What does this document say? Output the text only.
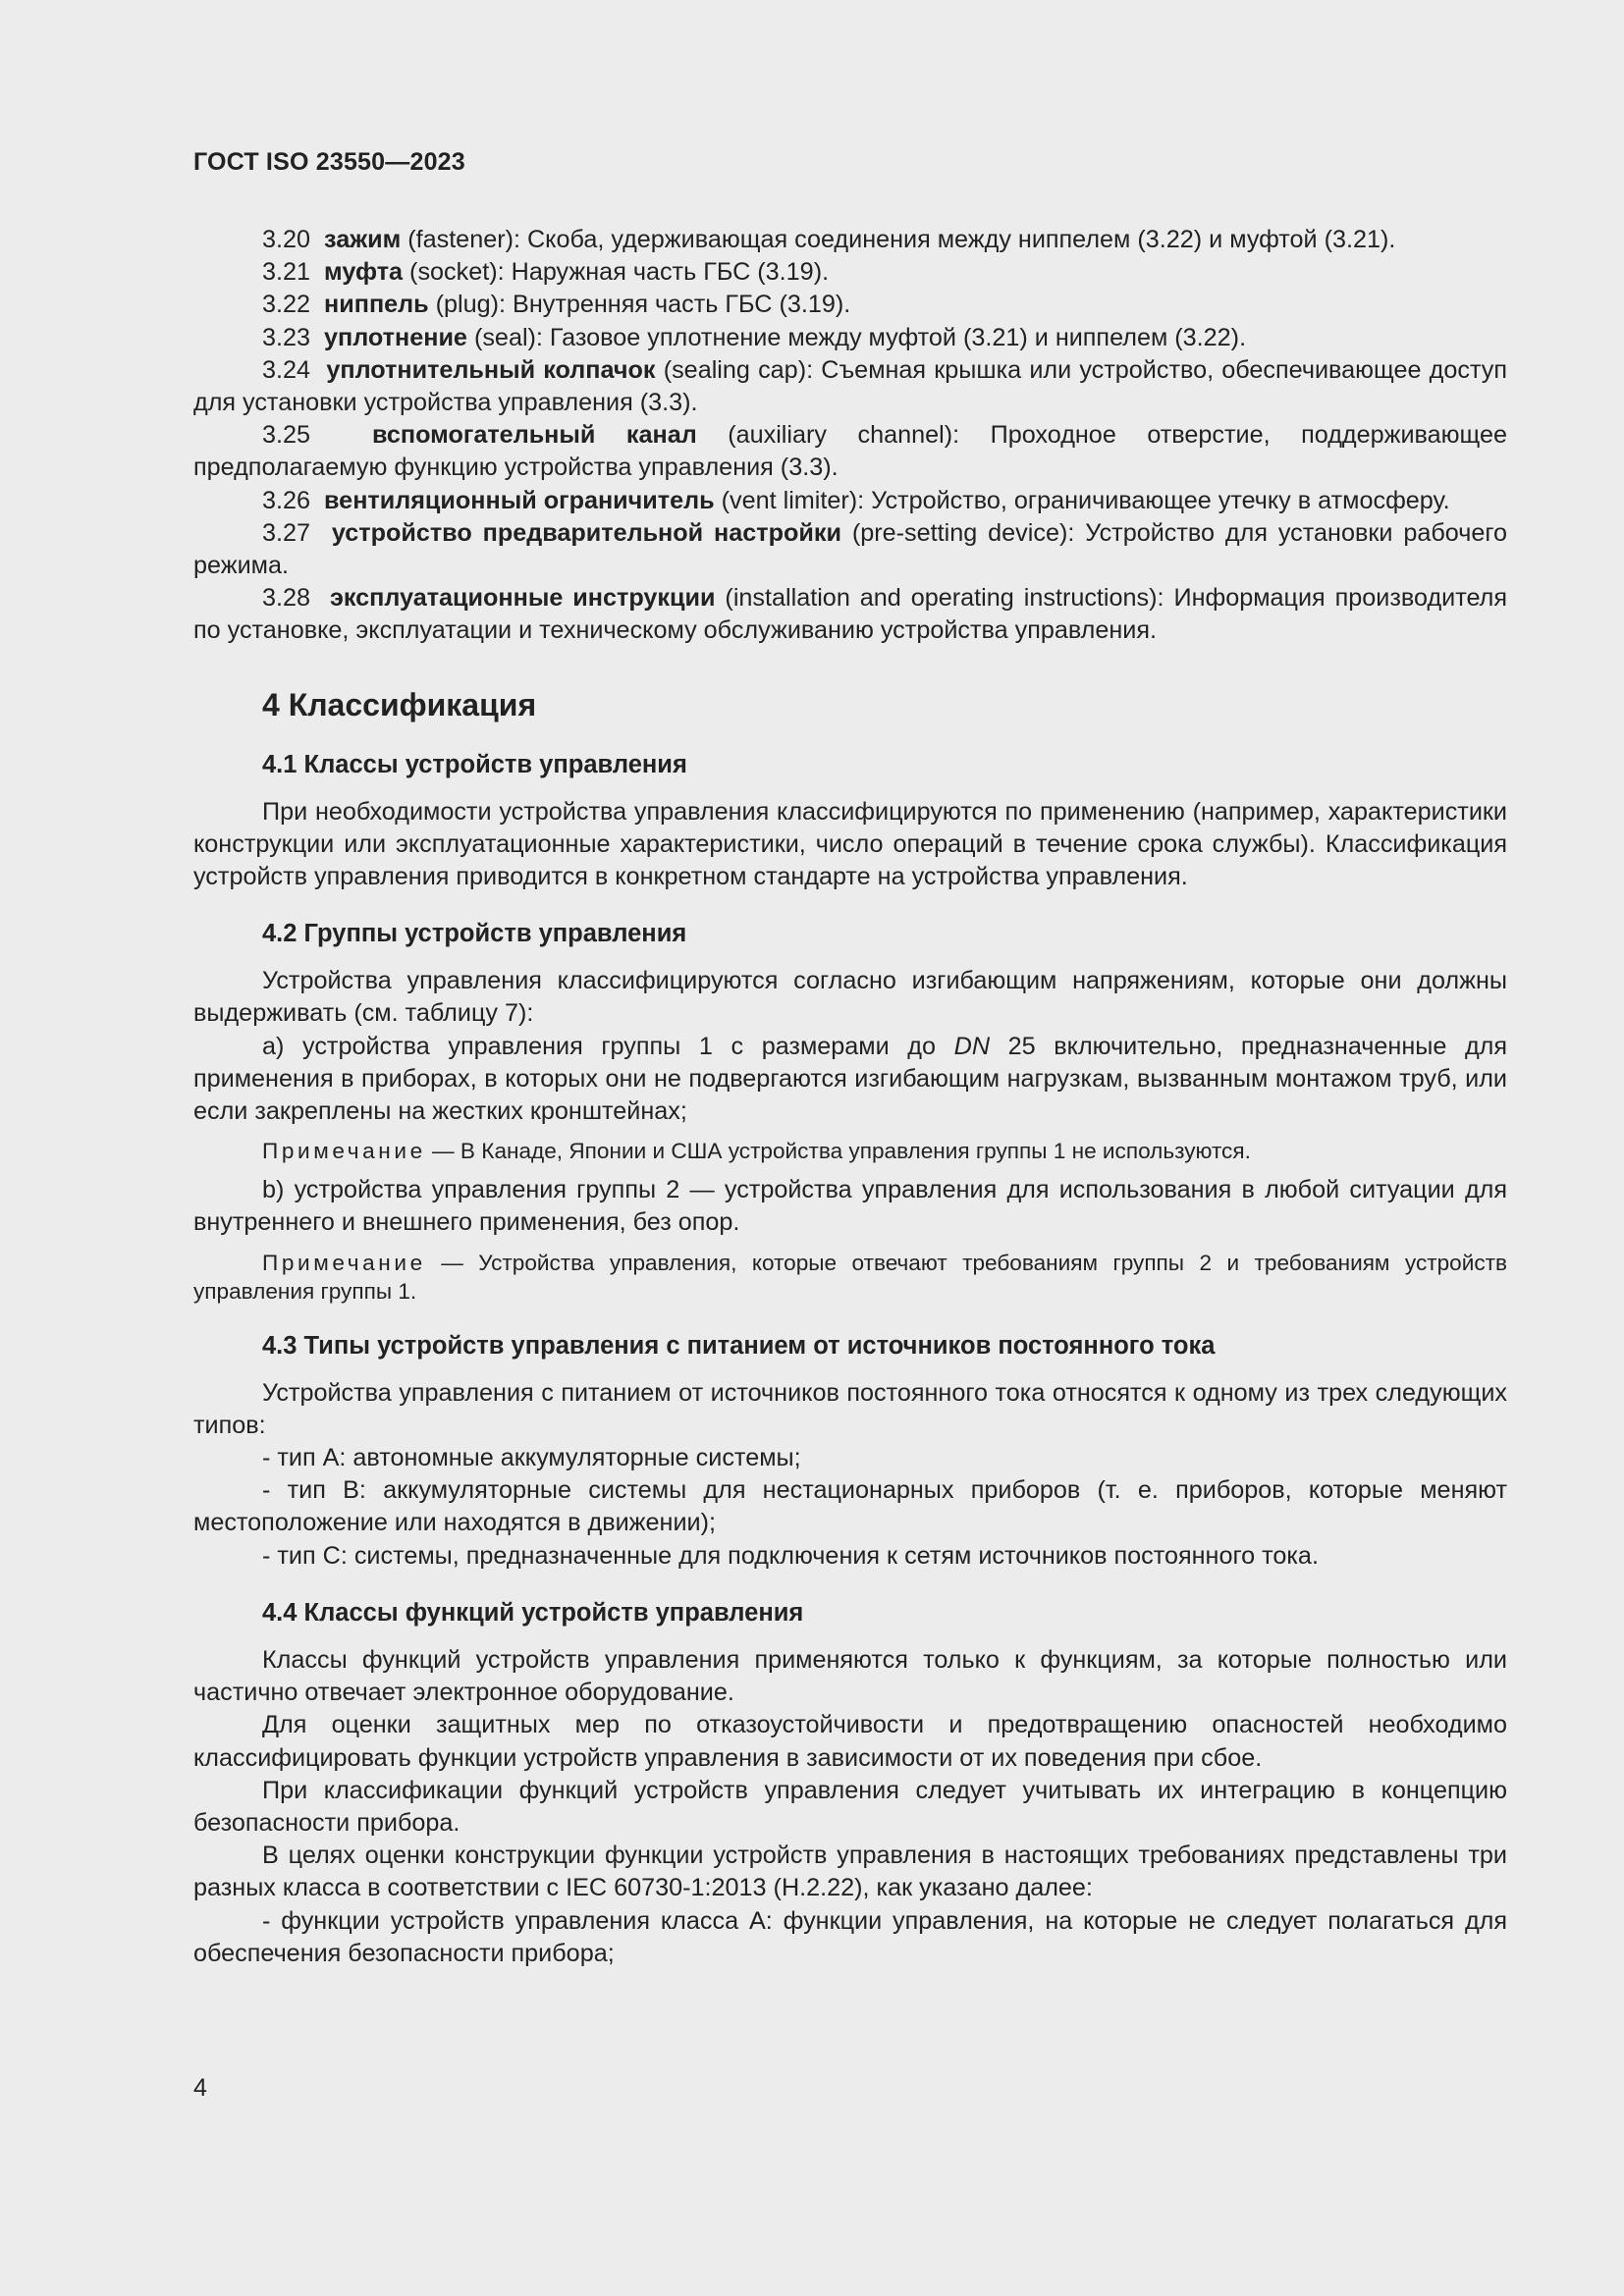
ГОСТ ISO 23550—2023

3.20 зажим (fastener): Скоба, удерживающая соединения между ниппелем (3.22) и муфтой (3.21).

3.21 муфта (socket): Наружная часть ГБС (3.19).

3.22 ниппель (plug): Внутренняя часть ГБС (3.19).

3.23 уплотнение (seal): Газовое уплотнение между муфтой (3.21) и ниппелем (3.22).

3.24 уплотнительный колпачок (sealing cap): Съемная крышка или устройство, обеспечивающее доступ для установки устройства управления (3.3).

3.25	вспомогательный канал (auxiliary channel): Проходное отверстие, поддерживающее предполагаемую функцию устройства управления (3.3).

3.26 вентиляционный ограничитель (vent limiter): Устройство, ограничивающее утечку в атмосферу.

3.27 устройство предварительной настройки (pre-setting device): Устройство для установки рабочего режима.

3.28 эксплуатационные инструкции (installation and operating instructions): Информация производителя по установке, эксплуатации и техническому обслуживанию устройства управления.

4 Классификация
4.1 Классы устройств управления

При необходимости устройства управления классифицируются по применению (например, характеристики конструкции или эксплуатационные характеристики, число операций в течение срока службы). Классификация устройств управления приводится в конкретном стандарте на устройства управления.

4.2 Группы устройств управления

Устройства управления классифицируются согласно изгибающим напряжениям, которые они должны выдерживать (см. таблицу 7):

a) устройства управления группы 1 с размерами до DN 25 включительно, предназначенные для применения в приборах, в которых они не подвергаются изгибающим нагрузкам, вызванным монтажом труб, или если закреплены на жестких кронштейнах;

Примечание — В Канаде, Японии и США устройства управления группы 1 не используются.

b) устройства управления группы 2 — устройства управления для использования в любой ситуации для внутреннего и внешнего применения, без опор.

Примечание — Устройства управления, которые отвечают требованиям группы 2 и требованиям устройств управления группы 1.

4.3 Типы устройств управления с питанием от источников постоянного тока

Устройства управления с питанием от источников постоянного тока относятся к одному из трех следующих типов:

- тип А: автономные аккумуляторные системы;

- тип В: аккумуляторные системы для нестационарных приборов (т. е. приборов, которые меняют местоположение или находятся в движении);

- тип С: системы, предназначенные для подключения к сетям источников постоянного тока.

4.4 Классы функций устройств управления

Классы функций устройств управления применяются только к функциям, за которые полностью или частично отвечает электронное оборудование.

Для оценки защитных мер по отказоустойчивости и предотвращению опасностей необходимо классифицировать функции устройств управления в зависимости от их поведения при сбое.

При классификации функций устройств управления следует учитывать их интеграцию в концепцию безопасности прибора.

В целях оценки конструкции функции устройств управления в настоящих требованиях представлены три разных класса в соответствии с IEC 60730-1:2013 (Н.2.22), как указано далее:

- функции устройств управления класса А: функции управления, на которые не следует полагаться для обеспечения безопасности прибора;

4
